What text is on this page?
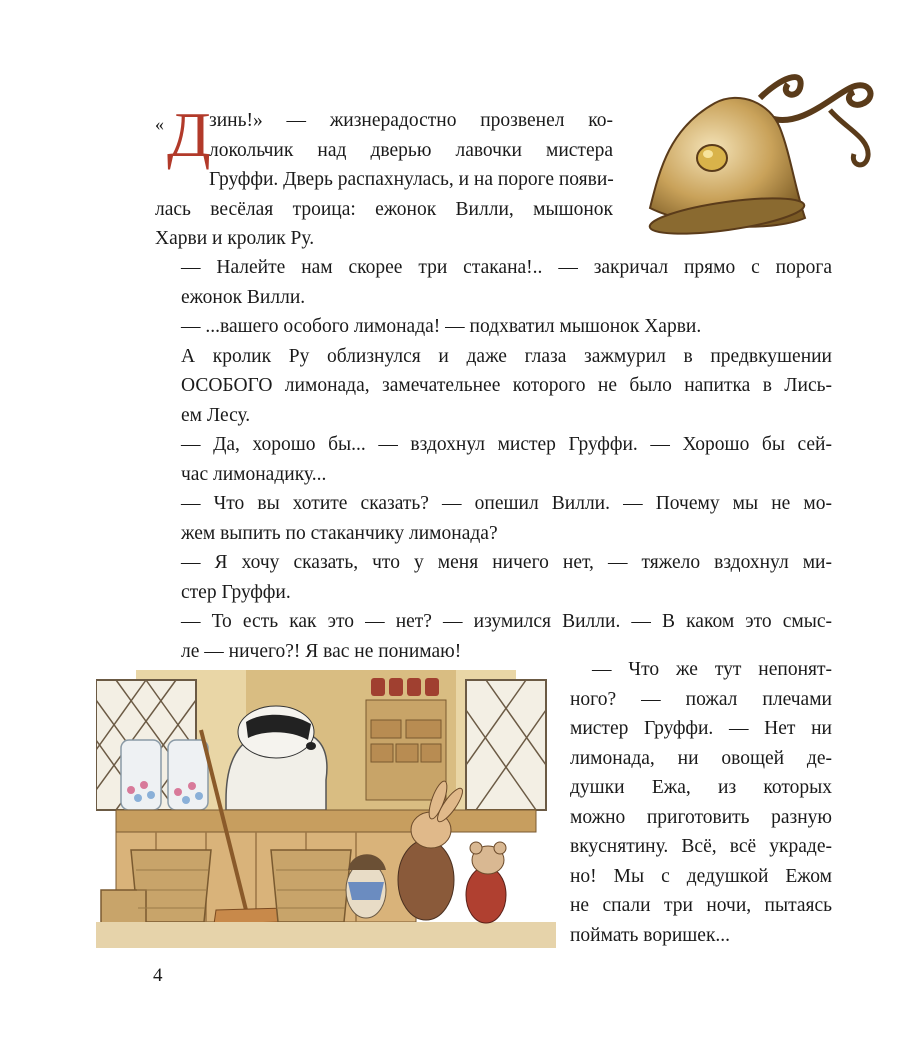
« Д
зинь!» — жизнерадостно прозвенел ко-
локольчик над дверью лавочки мистера
Груффи. Дверь распахнулась, и на пороге появи-
лась весёлая троица: ежонок Вилли, мышонок
Харви и кролик Ру.

— Налейте нам скорее три стакана!.. — закричал прямо с порога
ежонок Вилли.

— ...вашего особого лимонада! — подхватил мышонок Харви.

А кролик Ру облизнулся и даже глаза зажмурил в предвкушении
ОСОБОГО лимонада, замечательнее которого не было напитка в Лись-
ем Лесу.

— Да, хорошо бы... — вздохнул мистер Груффи. — Хорошо бы сей-
час лимонадику...

— Что вы хотите сказать? — опешил Вилли. — Почему мы не мо-
жем выпить по стаканчику лимонада?

— Я хочу сказать, что у меня ничего нет, — тяжело вздохнул ми-
стер Груффи.

— То есть как это — нет? — изумился Вилли. — В каком это смыс-
ле — ничего?! Я вас не понимаю!

— Что же тут непонят-
ного? — пожал плечами
мистер Груффи. — Нет ни
лимонада, ни овощей де-
душки Ежа, из которых
можно приготовить разную
вкуснятину. Всё, всё украде-
но! Мы с дедушкой Ежом
не спали три ночи, пытаясь
поймать воришек...
4
